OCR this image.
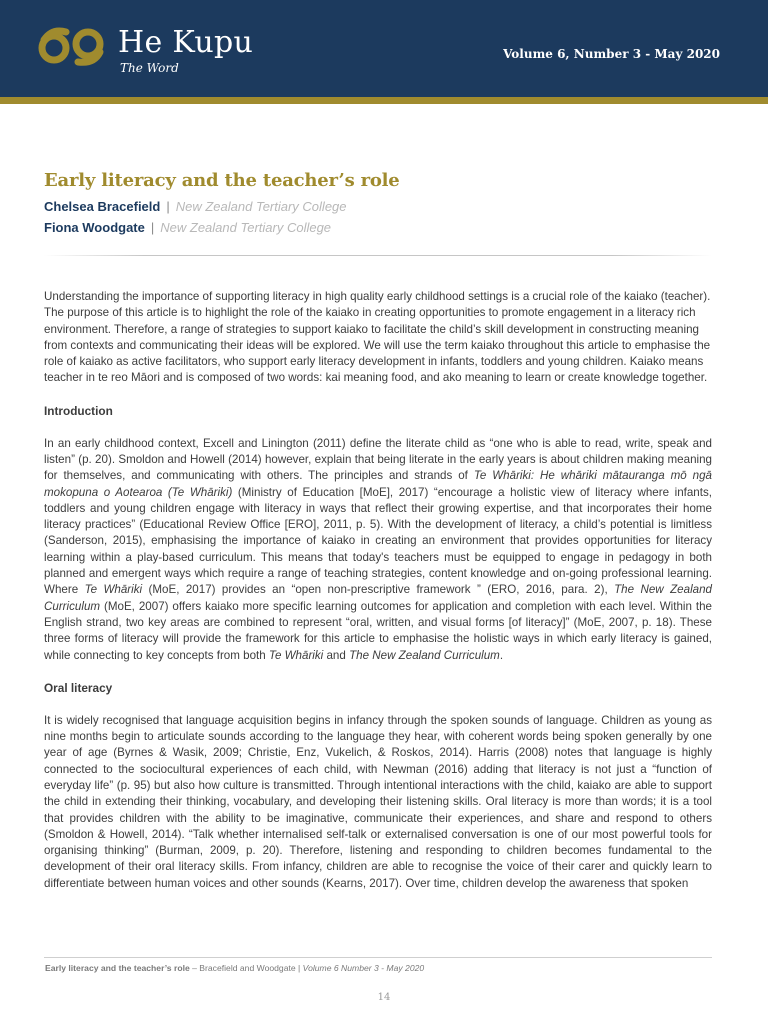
He Kupu
The Word
Volume 6, Number 3 - May 2020
Early literacy and the teacher’s role
Chelsea Bracefield | New Zealand Tertiary College
Fiona Woodgate | New Zealand Tertiary College

Understanding the importance of supporting literacy in high quality early childhood settings is a crucial role of the kaiako (teacher). The purpose of this article is to highlight the role of the kaiako in creating opportunities to promote engagement in a literacy rich environment. Therefore, a range of strategies to support kaiako to facilitate the child’s skill development in constructing meaning from contexts and communicating their ideas will be explored. We will use the term kaiako throughout this article to emphasise the role of kaiako as active facilitators, who support early literacy development in infants, toddlers and young children. Kaiako means teacher in te reo Māori and is composed of two words: kai meaning food, and ako meaning to learn or create knowledge together.

Introduction

In an early childhood context, Excell and Linington (2011) define the literate child as “one who is able to read, write, speak and listen” (p. 20). Smoldon and Howell (2014) however, explain that being literate in the early years is about children making meaning for themselves, and communicating with others. The principles and strands of Te Whāriki: He whāriki mātauranga mō ngā mokopuna o Aotearoa (Te Whāriki) (Ministry of Education [MoE], 2017) “encourage a holistic view of literacy where infants, toddlers and young children engage with literacy in ways that reflect their growing expertise, and that incorporates their home literacy practices” (Educational Review Office [ERO], 2011, p. 5). With the development of literacy, a child’s potential is limitless (Sanderson, 2015), emphasising the importance of kaiako in creating an environment that provides opportunities for literacy learning within a play-based curriculum. This means that today's teachers must be equipped to engage in pedagogy in both planned and emergent ways which require a range of teaching strategies, content knowledge and on-going professional learning. Where Te Whāriki (MoE, 2017) provides an “open non-prescriptive framework ” (ERO, 2016, para. 2), The New Zealand Curriculum (MoE, 2007) offers kaiako more specific learning outcomes for application and completion with each level. Within the English strand, two key areas are combined to represent “oral, written, and visual forms [of literacy]” (MoE, 2007, p. 18). These three forms of literacy will provide the framework for this article to emphasise the holistic ways in which early literacy is gained, while connecting to key concepts from both Te Whāriki and The New Zealand Curriculum.

Oral literacy

It is widely recognised that language acquisition begins in infancy through the spoken sounds of language. Children as young as nine months begin to articulate sounds according to the language they hear, with coherent words being spoken generally by one year of age (Byrnes & Wasik, 2009; Christie, Enz, Vukelich, & Roskos, 2014). Harris (2008) notes that language is highly connected to the sociocultural experiences of each child, with Newman (2016) adding that literacy is not just a “function of everyday life” (p. 95) but also how culture is transmitted. Through intentional interactions with the child, kaiako are able to support the child in extending their thinking, vocabulary, and developing their listening skills. Oral literacy is more than words; it is a tool that provides children with the ability to be imaginative, communicate their experiences, and share and respond to others (Smoldon & Howell, 2014). “Talk whether internalised self-talk or externalised conversation is one of our most powerful tools for organising thinking” (Burman, 2009, p. 20). Therefore, listening and responding to children becomes fundamental to the development of their oral literacy skills. From infancy, children are able to recognise the voice of their carer and quickly learn to differentiate between human voices and other sounds (Kearns, 2017). Over time, children develop the awareness that spoken

Early literacy and the teacher’s role – Bracefield and Woodgate | Volume 6 Number 3 - May 2020
14
